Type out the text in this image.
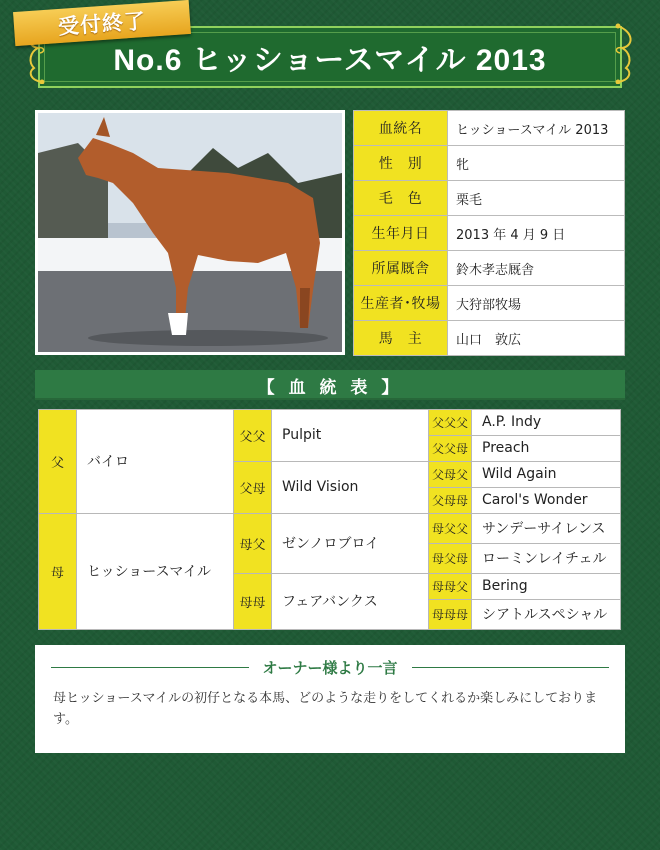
受付終了
No.6 ヒッショースマイル 2013
血統名	ヒッショースマイル 2013
性　別	牝
毛　色	栗毛
生年月日	2013 年 4 月 9 日
所属厩舎	鈴木孝志厩舎
生産者･牧場	大狩部牧場
馬　主	山口　敦広
【 血 統 表 】
父	バイロ	父父	Pulpit	父父父	A.P. Indy
				父父母	Preach
		父母	Wild Vision	父母父	Wild Again
				父母母	Carol's Wonder
母	ヒッショースマイル	母父	ゼンノロブロイ	母父父	サンデーサイレンス
				母父母	ローミンレイチェル
		母母	フェアバンクス	母母父	Bering
				母母母	シアトルスペシャル
オーナー様より一言
母ヒッショースマイルの初仔となる本馬、どのような走りをしてくれるか楽しみにしております。
